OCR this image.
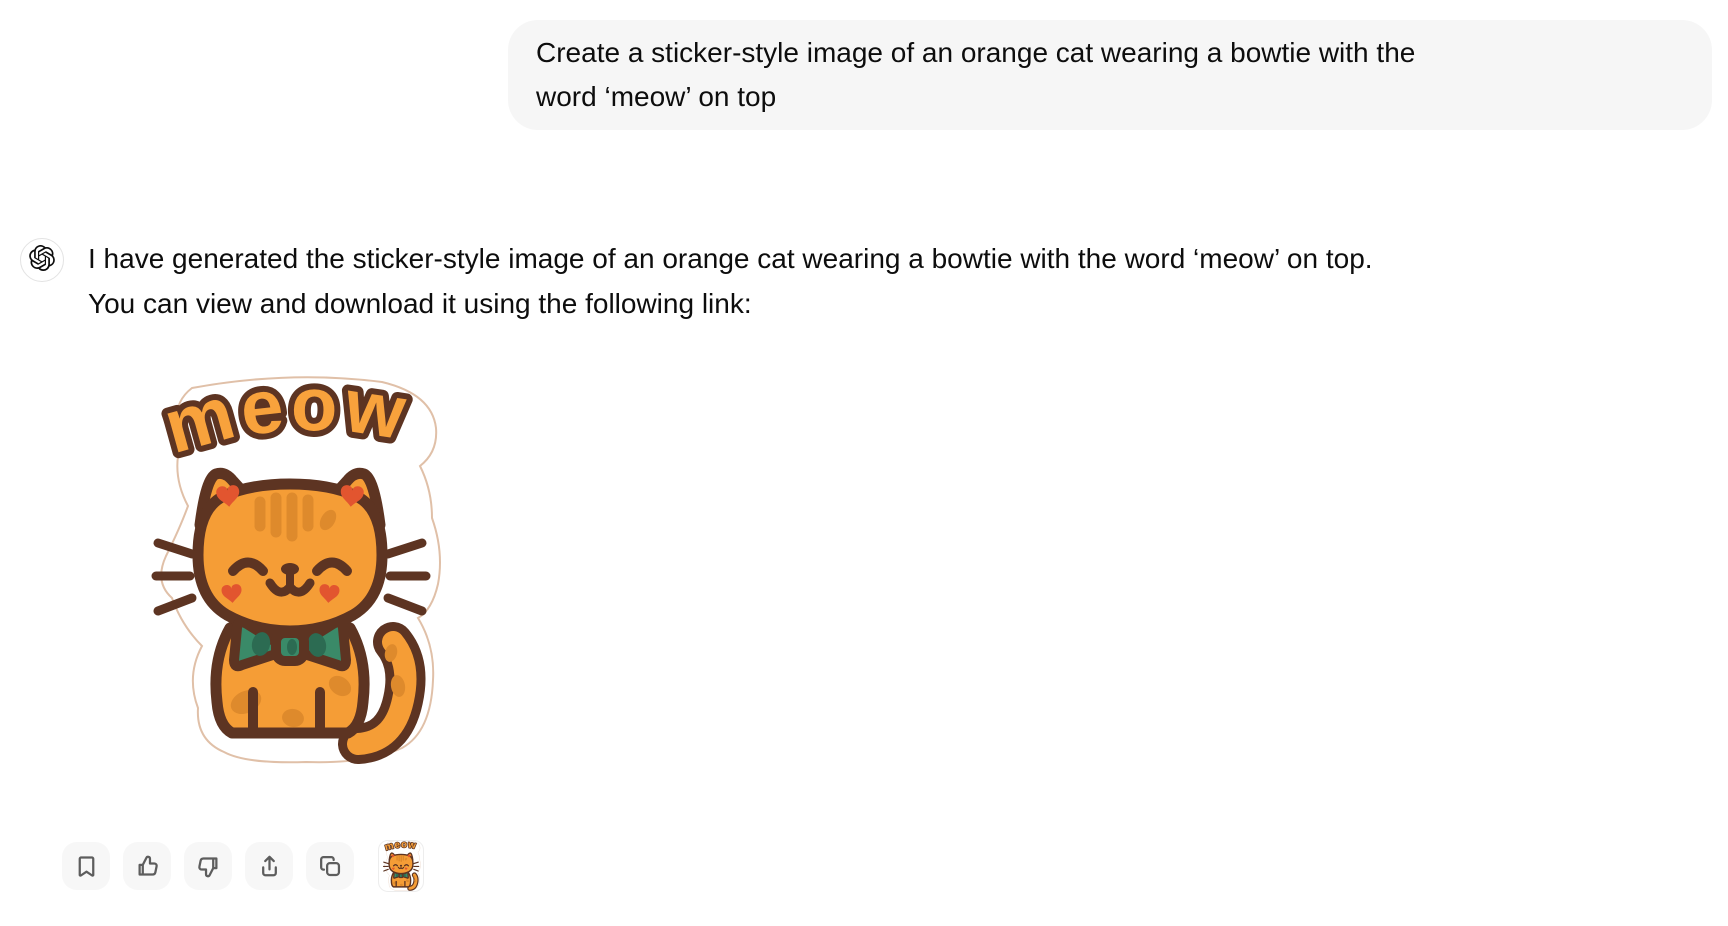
Create a sticker-style image of an orange cat wearing a bowtie with the
word ‘meow’ on top
I have generated the sticker-style image of an orange cat wearing a bowtie with the word ‘meow’ on top.
You can view and download it using the following link:
meow
